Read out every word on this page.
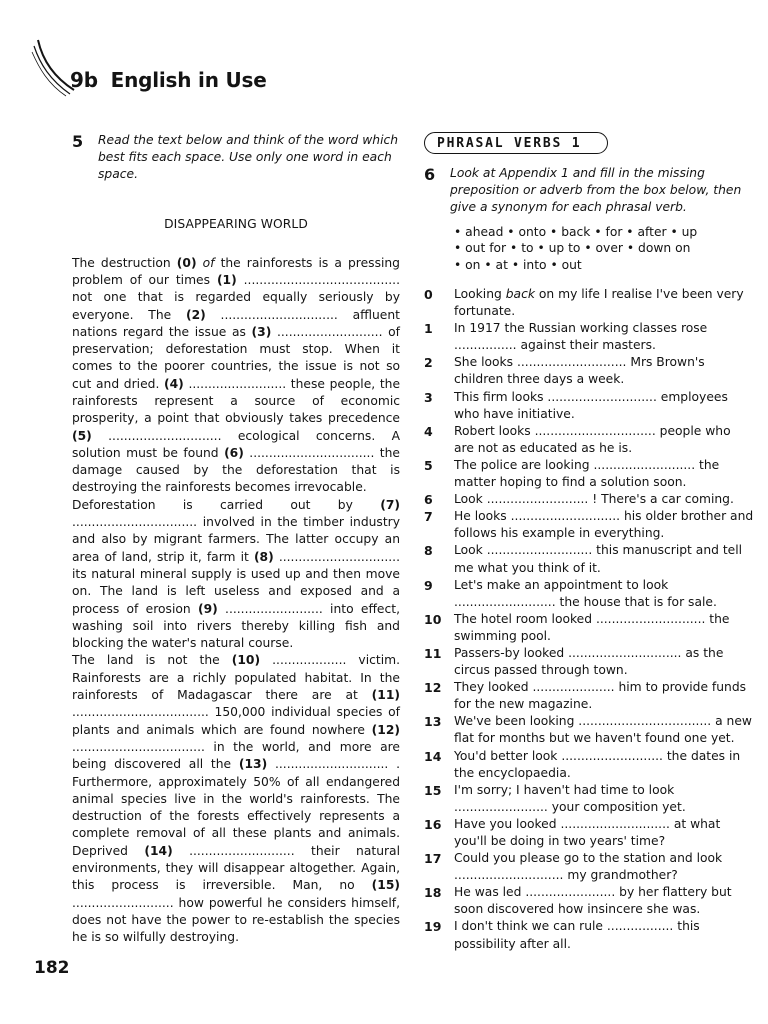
9b English in Use
5	Read the text below and think of the word which best fits each space. Use only one word in each space.
DISAPPEARING WORLD

The destruction (0) of the rainforests is a pressing problem of our times (1) ........................................ not one that is regarded equally seriously by everyone. The (2) .............................. affluent nations regard the issue as (3) ........................... of preservation; deforestation must stop. When it comes to the poorer countries, the issue is not so cut and dried. (4) ......................... these people, the rainforests represent a source of economic prosperity, a point that obviously takes precedence (5) ............................. ecological concerns. A solution must be found (6) ................................ the damage caused by the deforestation that is destroying the rainforests becomes irrevocable.

Deforestation is carried out by (7) ................................ involved in the timber industry and also by migrant farmers. The latter occupy an area of land, strip it, farm it (8) ............................... its natural mineral supply is used up and then move on. The land is left useless and exposed and a process of erosion (9) ......................... into effect, washing soil into rivers thereby killing fish and blocking the water's natural course.

The land is not the (10) ................... victim. Rainforests are a richly populated habitat. In the rainforests of Madagascar there are at (11) ................................... 150,000 individual species of plants and animals which are found nowhere (12) .................................. in the world, and more are being discovered all the (13) ............................. . Furthermore, approximately 50% of all endangered animal species live in the world's rainforests. The destruction of the forests effectively represents a complete removal of all these plants and animals. Deprived (14) ........................... their natural environments, they will disappear altogether. Again, this process is irreversible. Man, no (15) .......................... how powerful he considers himself, does not have the power to re-establish the species he is so wilfully destroying.

PHRASAL VERBS 1
6	Look at Appendix 1 and fill in the missing preposition or adverb from the box below, then give a synonym for each phrasal verb.
• ahead • onto • back • for • after • up
• out for • to • up to • over • down on
• on • at • into • out
0	Looking back on my life I realise I've been very fortunate.
1	In 1917 the Russian working classes rose ................ against their masters.
2	She looks ............................ Mrs Brown's children three days a week.
3	This firm looks ............................ employees who have initiative.
4	Robert looks ............................... people who are not as educated as he is.
5	The police are looking .......................... the matter hoping to find a solution soon.
6	Look .......................... ! There's a car coming.
7	He looks ............................ his older brother and follows his example in everything.
8	Look ........................... this manuscript and tell me what you think of it.
9	Let's make an appointment to look .......................... the house that is for sale.
10	The hotel room looked ............................ the swimming pool.
11	Passers-by looked ............................. as the circus passed through town.
12	They looked ..................... him to provide funds for the new magazine.
13	We've been looking .................................. a new flat for months but we haven't found one yet.
14	You'd better look .......................... the dates in the encyclopaedia.
15	I'm sorry; I haven't had time to look ........................ your composition yet.
16	Have you looked ............................ at what you'll be doing in two years' time?
17	Could you please go to the station and look ............................ my grandmother?
18	He was led ....................... by her flattery but soon discovered how insincere she was.
19	I don't think we can rule ................. this possibility after all.
182
